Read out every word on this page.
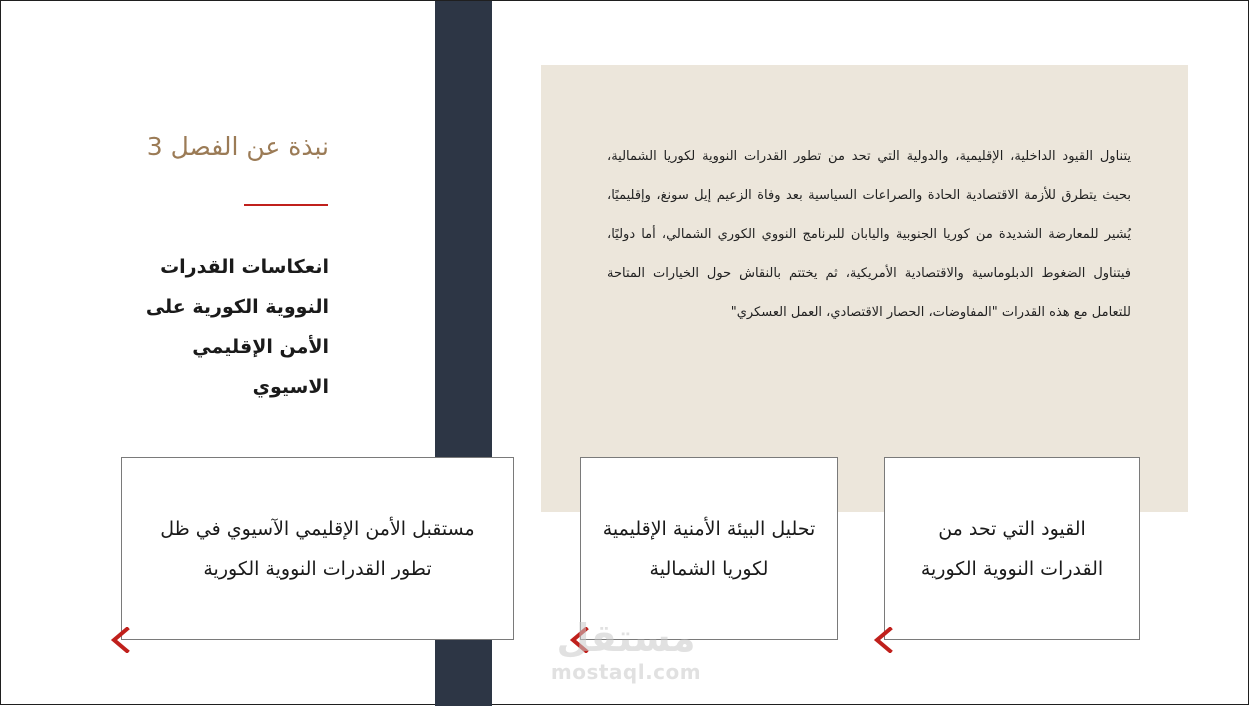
نبذة عن الفصل 3
انعكاسات القدرات النووية الكورية على الأمن الإقليمي الاسيوي
يتناول القيود الداخلية، الإقليمية، والدولية التي تحد من تطور القدرات النووية لكوريا الشمالية، بحيث يتطرق للأزمة الاقتصادية الحادة والصراعات السياسية بعد وفاة الزعيم إيل سونغ، وإقليميًا، يُشير للمعارضة الشديدة من كوريا الجنوبية واليابان للبرنامج النووي الكوري الشمالي، أما دوليًا، فيتناول الضغوط الدبلوماسية والاقتصادية الأمريكية، ثم يختتم بالنقاش حول الخيارات المتاحة للتعامل مع هذه القدرات "المفاوضات، الحصار الاقتصادي، العمل العسكري"
القيود التي تحد من القدرات النووية الكورية
تحليل البيئة الأمنية الإقليمية لكوريا الشمالية
مستقبل الأمن الإقليمي الآسيوي في ظل تطور القدرات النووية الكورية
مستقل
mostaql.com
